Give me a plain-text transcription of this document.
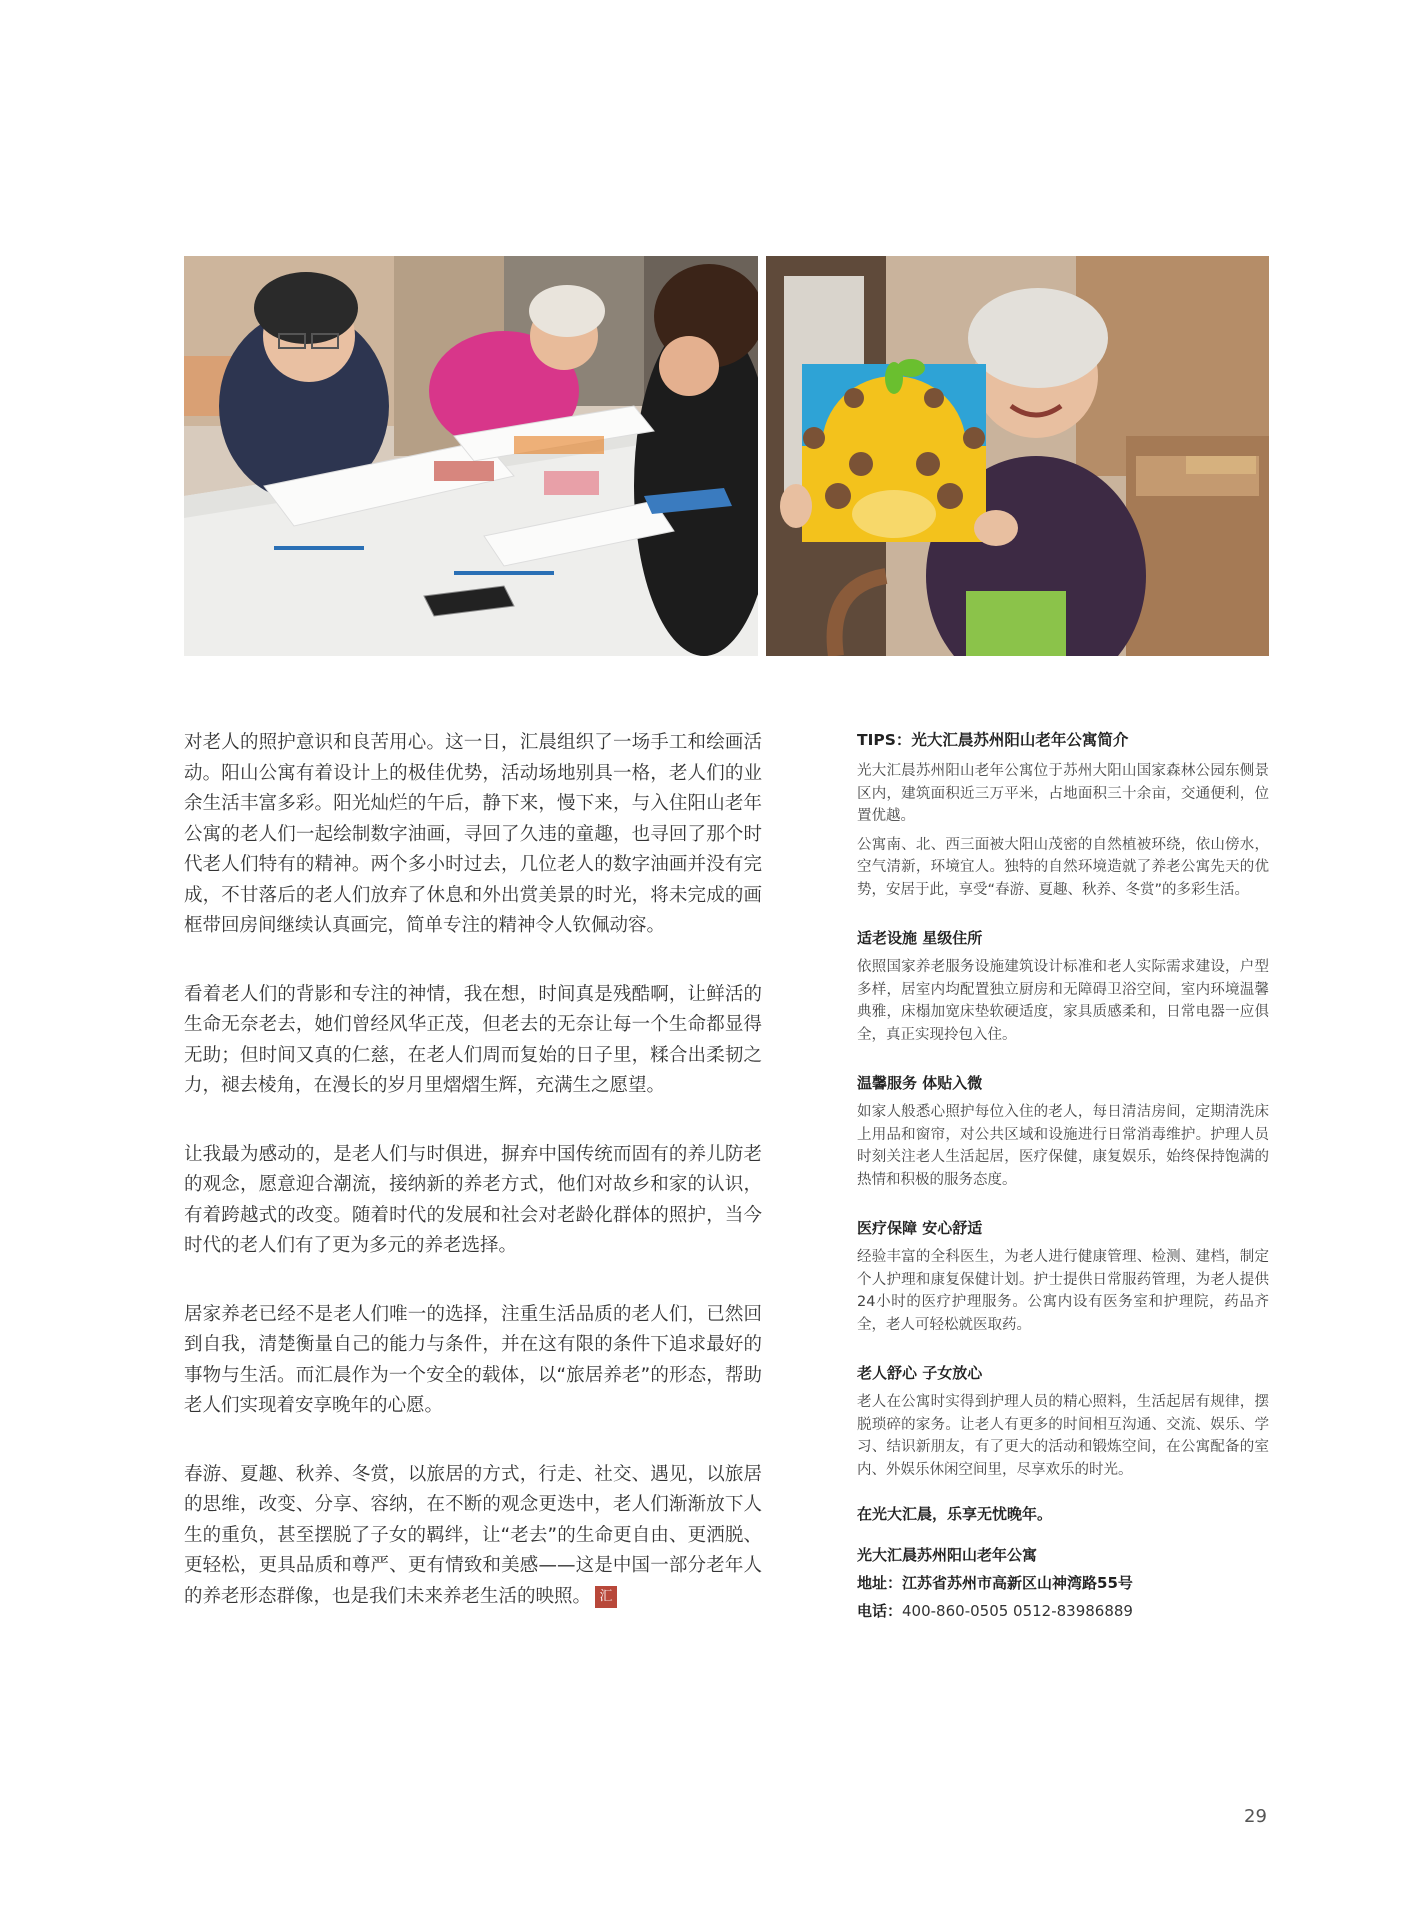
对老人的照护意识和良苦用心。这一日，汇晨组织了一场手工和绘画活动。阳山公寓有着设计上的极佳优势，活动场地别具一格，老人们的业余生活丰富多彩。阳光灿烂的午后，静下来，慢下来，与入住阳山老年公寓的老人们一起绘制数字油画，寻回了久违的童趣，也寻回了那个时代老人们特有的精神。两个多小时过去，几位老人的数字油画并没有完成，不甘落后的老人们放弃了休息和外出赏美景的时光，将未完成的画框带回房间继续认真画完，简单专注的精神令人钦佩动容。

看着老人们的背影和专注的神情，我在想，时间真是残酷啊，让鲜活的生命无奈老去，她们曾经风华正茂，但老去的无奈让每一个生命都显得无助；但时间又真的仁慈，在老人们周而复始的日子里，糅合出柔韧之力，褪去棱角，在漫长的岁月里熠熠生辉，充满生之愿望。

让我最为感动的，是老人们与时俱进，摒弃中国传统而固有的养儿防老的观念，愿意迎合潮流，接纳新的养老方式，他们对故乡和家的认识，有着跨越式的改变。随着时代的发展和社会对老龄化群体的照护，当今时代的老人们有了更为多元的养老选择。

居家养老已经不是老人们唯一的选择，注重生活品质的老人们，已然回到自我，清楚衡量自己的能力与条件，并在这有限的条件下追求最好的事物与生活。而汇晨作为一个安全的载体，以“旅居养老”的形态，帮助老人们实现着安享晚年的心愿。

春游、夏趣、秋养、冬赏，以旅居的方式，行走、社交、遇见，以旅居的思维，改变、分享、容纳，在不断的观念更迭中，老人们渐渐放下人生的重负，甚至摆脱了子女的羁绊，让“老去”的生命更自由、更洒脱、更轻松，更具品质和尊严、更有情致和美感——这是中国一部分老年人的养老形态群像，也是我们未来养老生活的映照。 汇

TIPS：光大汇晨苏州阳山老年公寓简介

光大汇晨苏州阳山老年公寓位于苏州大阳山国家森林公园东侧景区内，建筑面积近三万平米，占地面积三十余亩，交通便利，位置优越。

公寓南、北、西三面被大阳山茂密的自然植被环绕，依山傍水，空气清新，环境宜人。独特的自然环境造就了养老公寓先天的优势，安居于此，享受“春游、夏趣、秋养、冬赏”的多彩生活。

适老设施 星级住所

依照国家养老服务设施建筑设计标准和老人实际需求建设，户型多样，居室内均配置独立厨房和无障碍卫浴空间，室内环境温馨典雅，床榻加宽床垫软硬适度，家具质感柔和，日常电器一应俱全，真正实现拎包入住。

温馨服务 体贴入微

如家人般悉心照护每位入住的老人，每日清洁房间，定期清洗床上用品和窗帘，对公共区域和设施进行日常消毒维护。护理人员时刻关注老人生活起居，医疗保健，康复娱乐，始终保持饱满的热情和积极的服务态度。

医疗保障 安心舒适

经验丰富的全科医生，为老人进行健康管理、检测、建档，制定个人护理和康复保健计划。护士提供日常服药管理，为老人提供24小时的医疗护理服务。公寓内设有医务室和护理院，药品齐全，老人可轻松就医取药。

老人舒心 子女放心

老人在公寓时实得到护理人员的精心照料，生活起居有规律，摆脱琐碎的家务。让老人有更多的时间相互沟通、交流、娱乐、学习、结识新朋友，有了更大的活动和锻炼空间，在公寓配备的室内、外娱乐休闲空间里，尽享欢乐的时光。

在光大汇晨，乐享无忧晚年。
光大汇晨苏州阳山老年公寓
地址：江苏省苏州市高新区山神湾路55号
电话：400-860-0505 0512-83986889
29
